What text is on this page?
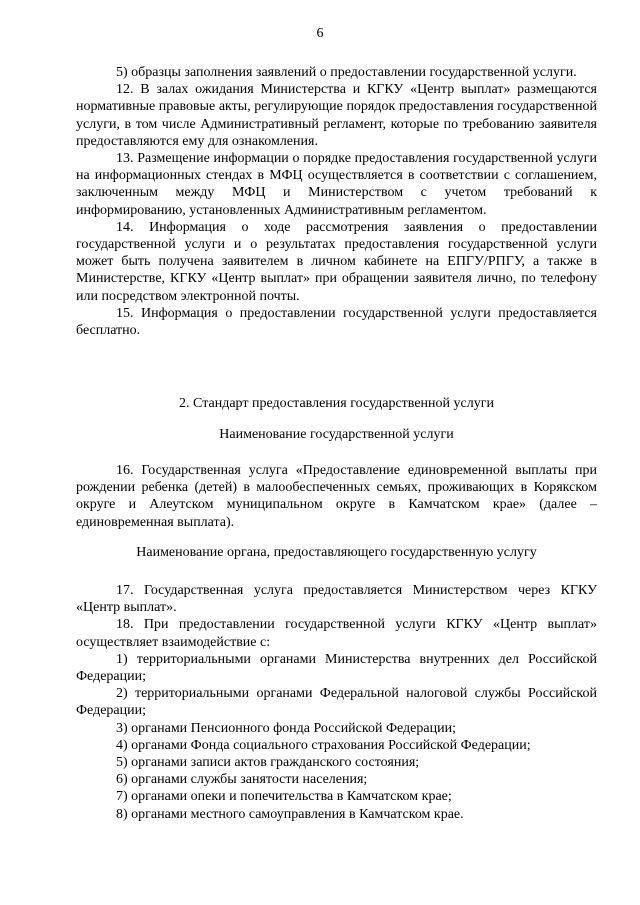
6

5) образцы заполнения заявлений о предоставлении государственной услуги.

12. В залах ожидания Министерства и КГКУ «Центр выплат» размещаются нормативные правовые акты, регулирующие порядок предоставления государственной услуги, в том числе Административный регламент, которые по требованию заявителя предоставляются ему для ознакомления.

13. Размещение информации о порядке предоставления государственной услуги на информационных стендах в МФЦ осуществляется в соответствии с соглашением, заключенным между МФЦ и Министерством с учетом требований к информированию, установленных Административным регламентом.

14. Информация о ходе рассмотрения заявления о предоставлении государственной услуги и о результатах предоставления государственной услуги может быть получена заявителем в личном кабинете на ЕПГУ/РПГУ, а также в Министерстве, КГКУ «Центр выплат» при обращении заявителя лично, по телефону или посредством электронной почты.

15. Информация о предоставлении государственной услуги предоставляется бесплатно.

2. Стандарт предоставления государственной услуги

Наименование государственной услуги

16. Государственная услуга «Предоставление единовременной выплаты при рождении ребенка (детей) в малообеспеченных семьях, проживающих в Корякском округе и Алеутском муниципальном округе в Камчатском крае» (далее – единовременная выплата).

Наименование органа, предоставляющего государственную услугу

17. Государственная услуга предоставляется Министерством через КГКУ «Центр выплат».

18. При предоставлении государственной услуги КГКУ «Центр выплат» осуществляет взаимодействие с:

1) территориальными органами Министерства внутренних дел Российской Федерации;

2) территориальными органами Федеральной налоговой службы Российской Федерации;

3) органами Пенсионного фонда Российской Федерации;

4) органами Фонда социального страхования Российской Федерации;

5) органами записи актов гражданского состояния;

6) органами службы занятости населения;

7) органами опеки и попечительства в Камчатском крае;

8) органами местного самоуправления в Камчатском крае.
